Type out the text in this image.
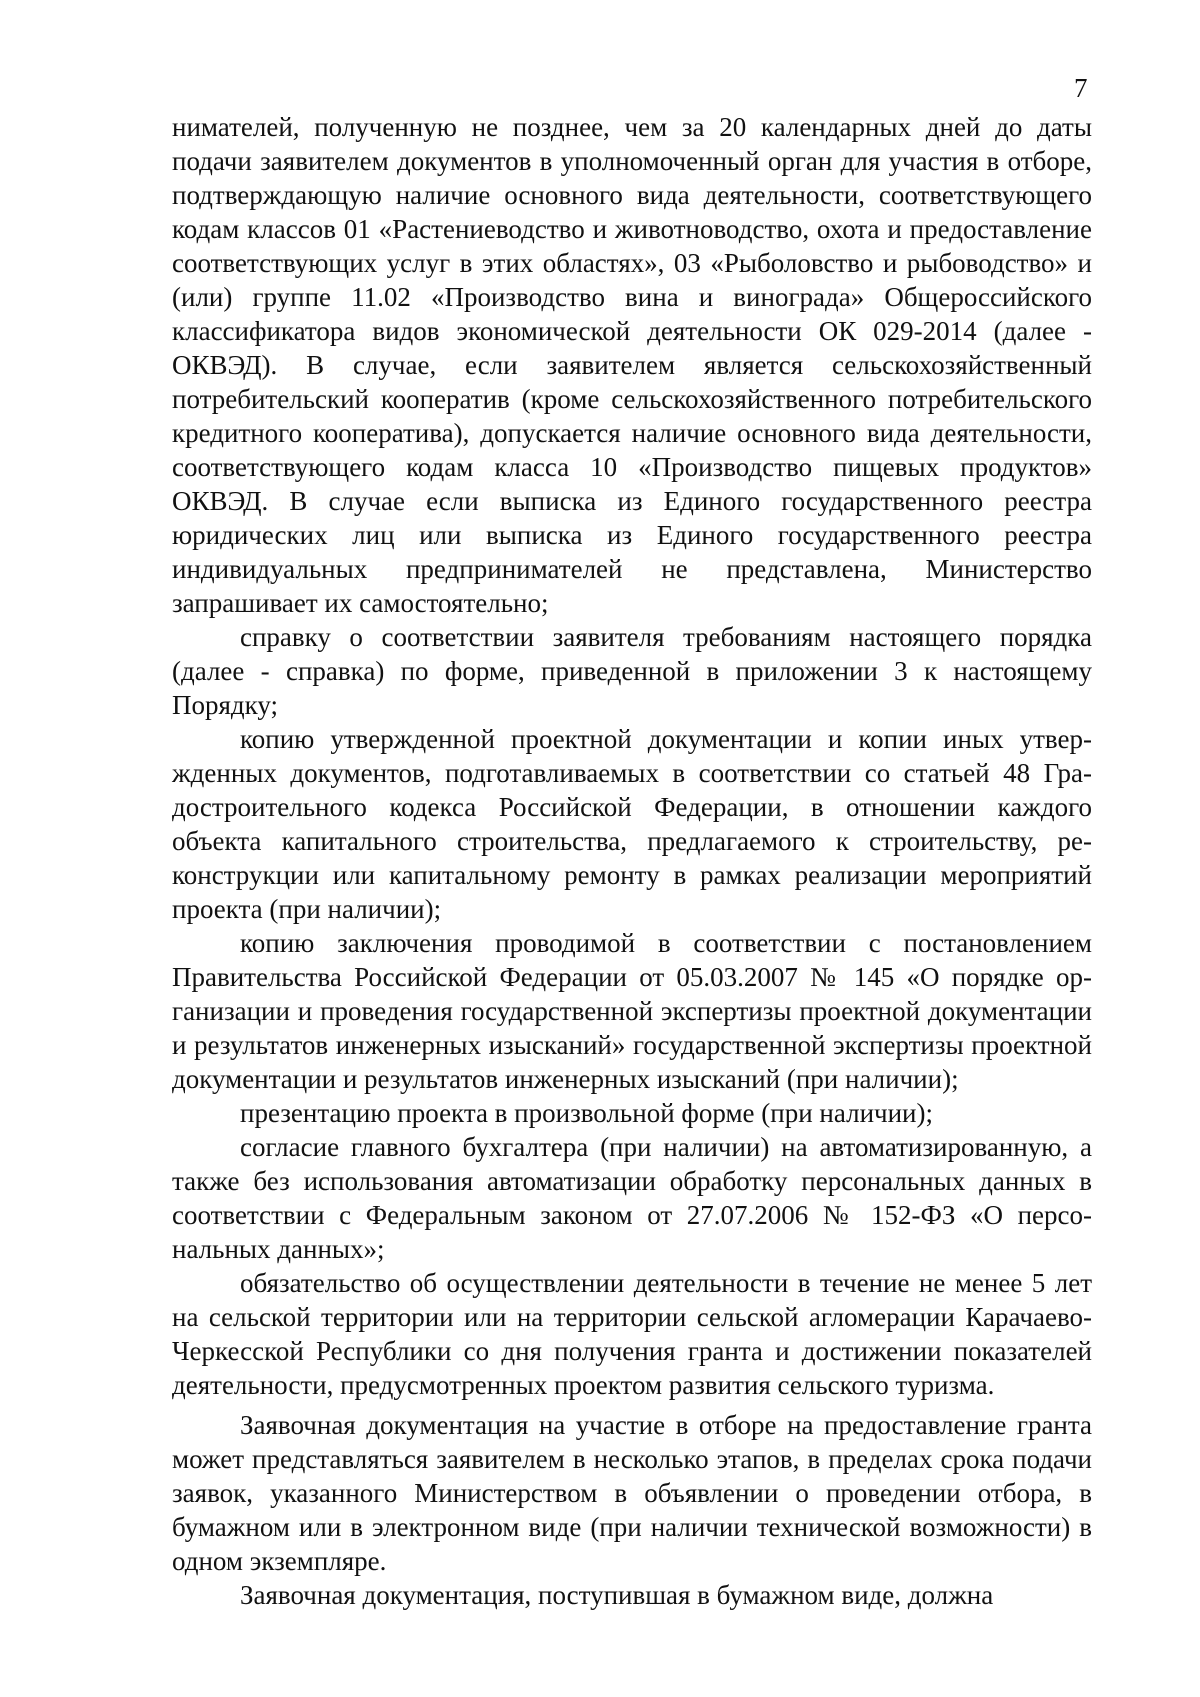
7

нимателей, полученную не позднее, чем за 20 календарных дней до даты подачи заявителем документов в уполномоченный орган для участия в отборе, подтверждающую наличие основного вида деятельности, соответствующего кодам классов 01 «Растениеводство и животноводство, охота и предоставление соответствующих услуг в этих областях», 03 «Рыболовство и рыбоводство» и (или) группе 11.02 «Производство вина и винограда» Общероссийского классификатора видов экономической деятельности ОК 029-2014 (далее - ОКВЭД). В случае, если заявителем является сельскохозяйственный потребительский кооператив (кроме сельскохозяйственного потребительского кредитного кооператива), допускается наличие основного вида деятельности, соответствующего кодам класса 10 «Производство пищевых продуктов» ОКВЭД. В случае если выписка из Единого государственного реестра юридических лиц или выписка из Единого государственного реестра индивидуальных предпринимателей не представлена, Министерство запрашивает их самостоятельно;

справку о соответствии заявителя требованиям настоящего порядка (далее - справка) по форме, приведенной в приложении 3 к настоящему Порядку;

копию утвержденной проектной документации и копии иных утвержденных документов, подготавливаемых в соответствии со статьей 48 Градостроительного кодекса Российской Федерации, в отношении каждого объекта капитального строительства, предлагаемого к строительству, реконструкции или капитальному ремонту в рамках реализации мероприятий проекта (при наличии);

копию заключения проводимой в соответствии с постановлением Правительства Российской Федерации от 05.03.2007 № 145 «О порядке организации и проведения государственной экспертизы проектной документации и результатов инженерных изысканий» государственной экспертизы проектной документации и результатов инженерных изысканий (при наличии);

презентацию проекта в произвольной форме (при наличии);

согласие главного бухгалтера (при наличии) на автоматизированную, а также без использования автоматизации обработку персональных данных в соответствии с Федеральным законом от 27.07.2006 № 152-ФЗ «О персональных данных»;

обязательство об осуществлении деятельности в течение не менее 5 лет на сельской территории или на территории сельской агломерации Карачаево-Черкесской Республики со дня получения гранта и достижении показателей деятельности, предусмотренных проектом развития сельского туризма.

Заявочная документация на участие в отборе на предоставление гранта может представляться заявителем в несколько этапов, в пределах срока подачи заявок, указанного Министерством в объявлении о проведении отбора, в бумажном или в электронном виде (при наличии технической возможности) в одном экземпляре.

Заявочная документация, поступившая в бумажном виде, должна
